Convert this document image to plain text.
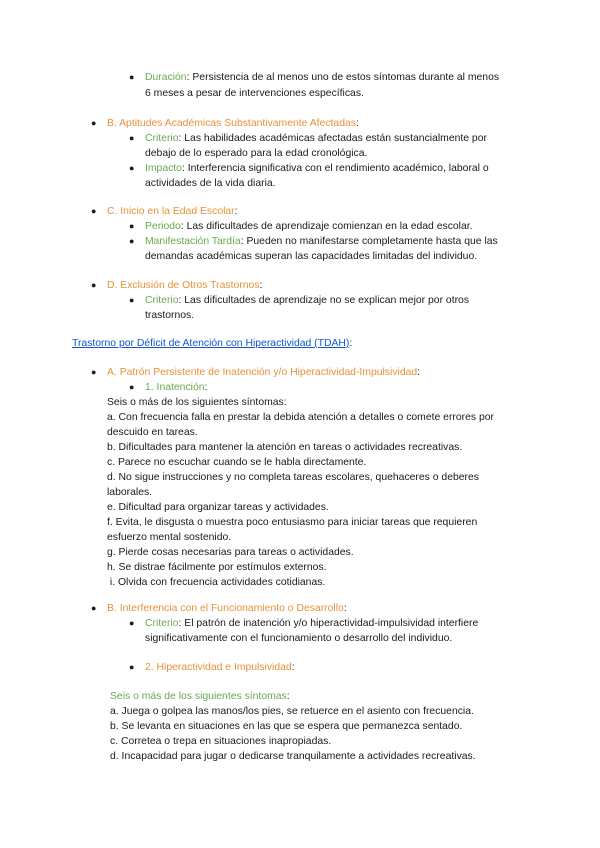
● Duración: Persistencia de al menos uno de estos síntomas durante al menos
6 meses a pesar de intervenciones específicas.
● B. Aptitudes Académicas Substantivamente Afectadas:
● Criterio: Las habilidades académicas afectadas están sustancialmente por
debajo de lo esperado para la edad cronológica.
● Impacto: Interferencia significativa con el rendimiento académico, laboral o
actividades de la vida diaria.
● C. Inicio en la Edad Escolar:
● Periodo: Las dificultades de aprendizaje comienzan en la edad escolar.
● Manifestación Tardía: Pueden no manifestarse completamente hasta que las
demandas académicas superan las capacidades limitadas del individuo.
● D. Exclusión de Otros Trastornos:
● Criterio: Las dificultades de aprendizaje no se explican mejor por otros
trastornos.
Trastorno por Déficit de Atención con Hiperactividad (TDAH):
● A. Patrón Persistente de Inatención y/o Hiperactividad-Impulsividad:
● 1. Inatención:
Seis o más de los siguientes síntomas:
a. Con frecuencia falla en prestar la debida atención a detalles o comete errores por
descuido en tareas.
b. Dificultades para mantener la atención en tareas o actividades recreativas.
c. Parece no escuchar cuando se le habla directamente.
d. No sigue instrucciones y no completa tareas escolares, quehaceres o deberes
laborales.
e. Dificultad para organizar tareas y actividades.
f. Evita, le disgusta o muestra poco entusiasmo para iniciar tareas que requieren
esfuerzo mental sostenido.
g. Pierde cosas necesarias para tareas o actividades.
h. Se distrae fácilmente por estímulos externos.
i. Olvida con frecuencia actividades cotidianas.
● B. Interferencia con el Funcionamiento o Desarrollo:
● Criterio: El patrón de inatención y/o hiperactividad-impulsividad interfiere
significativamente con el funcionamiento o desarrollo del individuo.
● 2. Hiperactividad e Impulsividad:
Seis o más de los siguientes síntomas:
a. Juega o golpea las manos/los pies, se retuerce en el asiento con frecuencia.
b. Se levanta en situaciones en las que se espera que permanezca sentado.
c. Corretea o trepa en situaciones inapropiadas.
d. Incapacidad para jugar o dedicarse tranquilamente a actividades recreativas.
